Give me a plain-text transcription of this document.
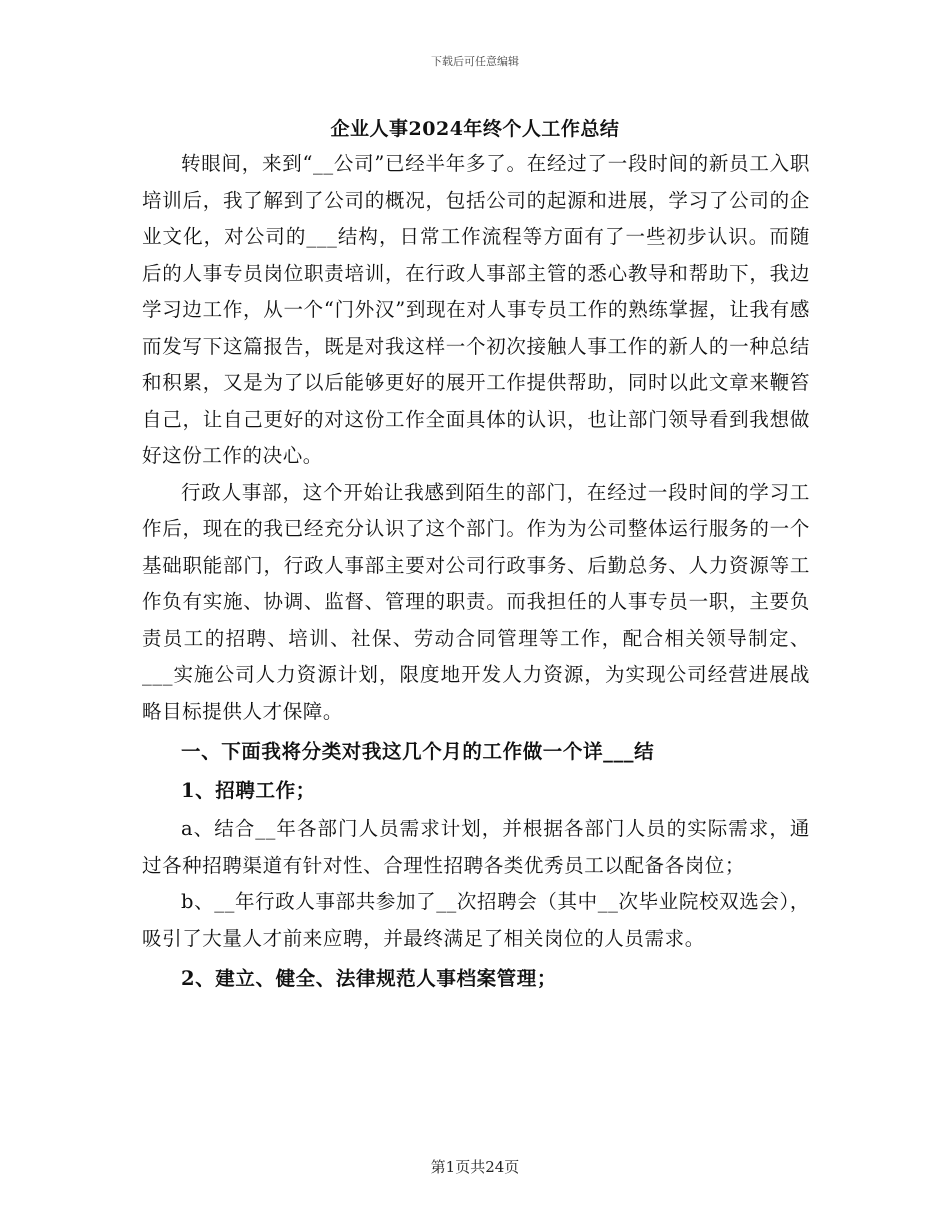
下载后可任意编辑
企业人事2024年终个人工作总结

转眼间，来到“__公司”已经半年多了。在经过了一段时间的新员工入职培训后，我了解到了公司的概况，包括公司的起源和进展，学习了公司的企业文化，对公司的___结构，日常工作流程等方面有了一些初步认识。而随后的人事专员岗位职责培训，在行政人事部主管的悉心教导和帮助下，我边学习边工作，从一个“门外汉”到现在对人事专员工作的熟练掌握，让我有感而发写下这篇报告，既是对我这样一个初次接触人事工作的新人的一种总结和积累，又是为了以后能够更好的展开工作提供帮助，同时以此文章来鞭笞自己，让自己更好的对这份工作全面具体的认识，也让部门领导看到我想做好这份工作的决心。

行政人事部，这个开始让我感到陌生的部门，在经过一段时间的学习工作后，现在的我已经充分认识了这个部门。作为为公司整体运行服务的一个基础职能部门，行政人事部主要对公司行政事务、后勤总务、人力资源等工作负有实施、协调、监督、管理的职责。而我担任的人事专员一职，主要负责员工的招聘、培训、社保、劳动合同管理等工作，配合相关领导制定、___实施公司人力资源计划，限度地开发人力资源，为实现公司经营进展战略目标提供人才保障。

一、下面我将分类对我这几个月的工作做一个详___结

1、招聘工作；

a、结合__年各部门人员需求计划，并根据各部门人员的实际需求，通过各种招聘渠道有针对性、合理性招聘各类优秀员工以配备各岗位；

b、__年行政人事部共参加了__次招聘会（其中__次毕业院校双选会），吸引了大量人才前来应聘，并最终满足了相关岗位的人员需求。

2、建立、健全、法律规范人事档案管理；

第1页共24页
